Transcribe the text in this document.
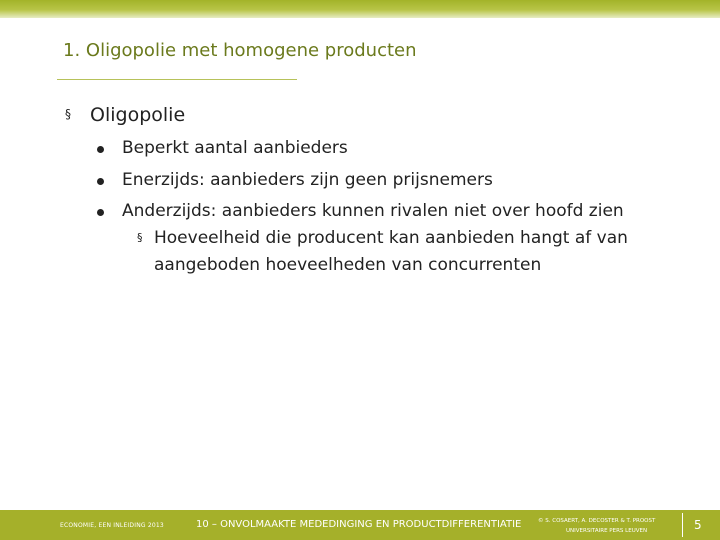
1. Oligopolie met homogene producten
§ Oligopolie
Beperkt aantal aanbieders
Enerzijds: aanbieders zijn geen prijsnemers
Anderzijds: aanbieders kunnen rivalen niet over hoofd zien
§ Hoeveelheid die producent kan aanbieden hangt af van
aangeboden hoeveelheden van concurrenten
ECONOMIE, EEN INLEIDING 2013	10 – ONVOLMAAKTE MEDEDINGING EN PRODUCTDIFFERENTIATIE	© S. COSAERT, A. DECOSTER & T. PROOST
UNIVERSITAIRE PERS LEUVEN	5
